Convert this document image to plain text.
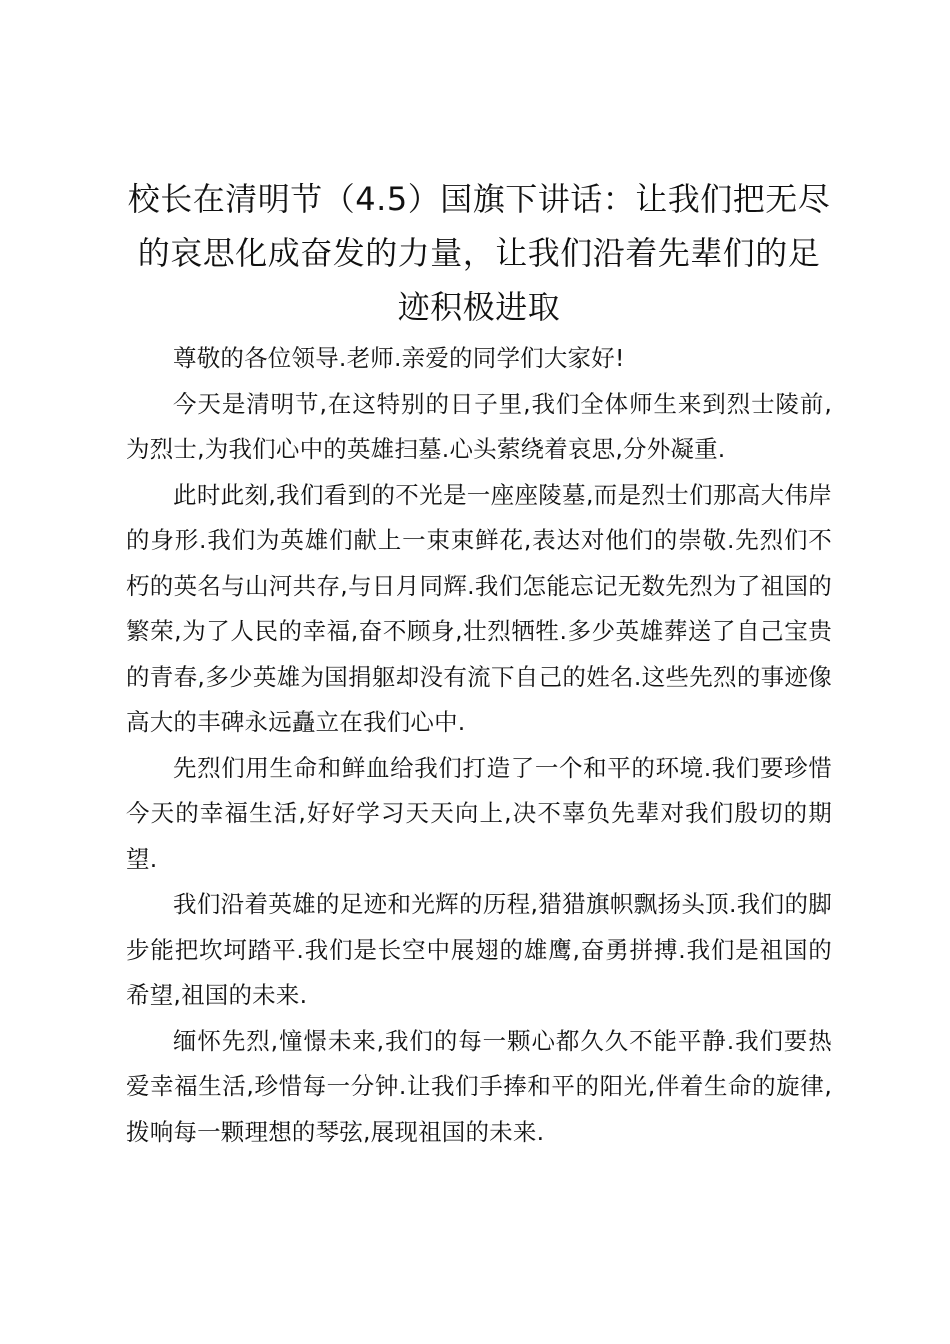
校长在清明节（4.5）国旗下讲话：让我们把无尽的哀思化成奋发的力量，让我们沿着先辈们的足迹积极进取

尊敬的各位领导.老师.亲爱的同学们大家好!

今天是清明节,在这特别的日子里,我们全体师生来到烈士陵前,为烈士,为我们心中的英雄扫墓.心头萦绕着哀思,分外凝重.

此时此刻,我们看到的不光是一座座陵墓,而是烈士们那高大伟岸的身形.我们为英雄们献上一束束鲜花,表达对他们的崇敬.先烈们不朽的英名与山河共存,与日月同辉.我们怎能忘记无数先烈为了祖国的繁荣,为了人民的幸福,奋不顾身,壮烈牺牲.多少英雄葬送了自己宝贵的青春,多少英雄为国捐躯却没有流下自己的姓名.这些先烈的事迹像高大的丰碑永远矗立在我们心中.

先烈们用生命和鲜血给我们打造了一个和平的环境.我们要珍惜今天的幸福生活,好好学习天天向上,决不辜负先辈对我们殷切的期望.

我们沿着英雄的足迹和光辉的历程,猎猎旗帜飘扬头顶.我们的脚步能把坎坷踏平.我们是长空中展翅的雄鹰,奋勇拼搏.我们是祖国的希望,祖国的未来.

缅怀先烈,憧憬未来,我们的每一颗心都久久不能平静.我们要热爱幸福生活,珍惜每一分钟.让我们手捧和平的阳光,伴着生命的旋律,拨响每一颗理想的琴弦,展现祖国的未来.
